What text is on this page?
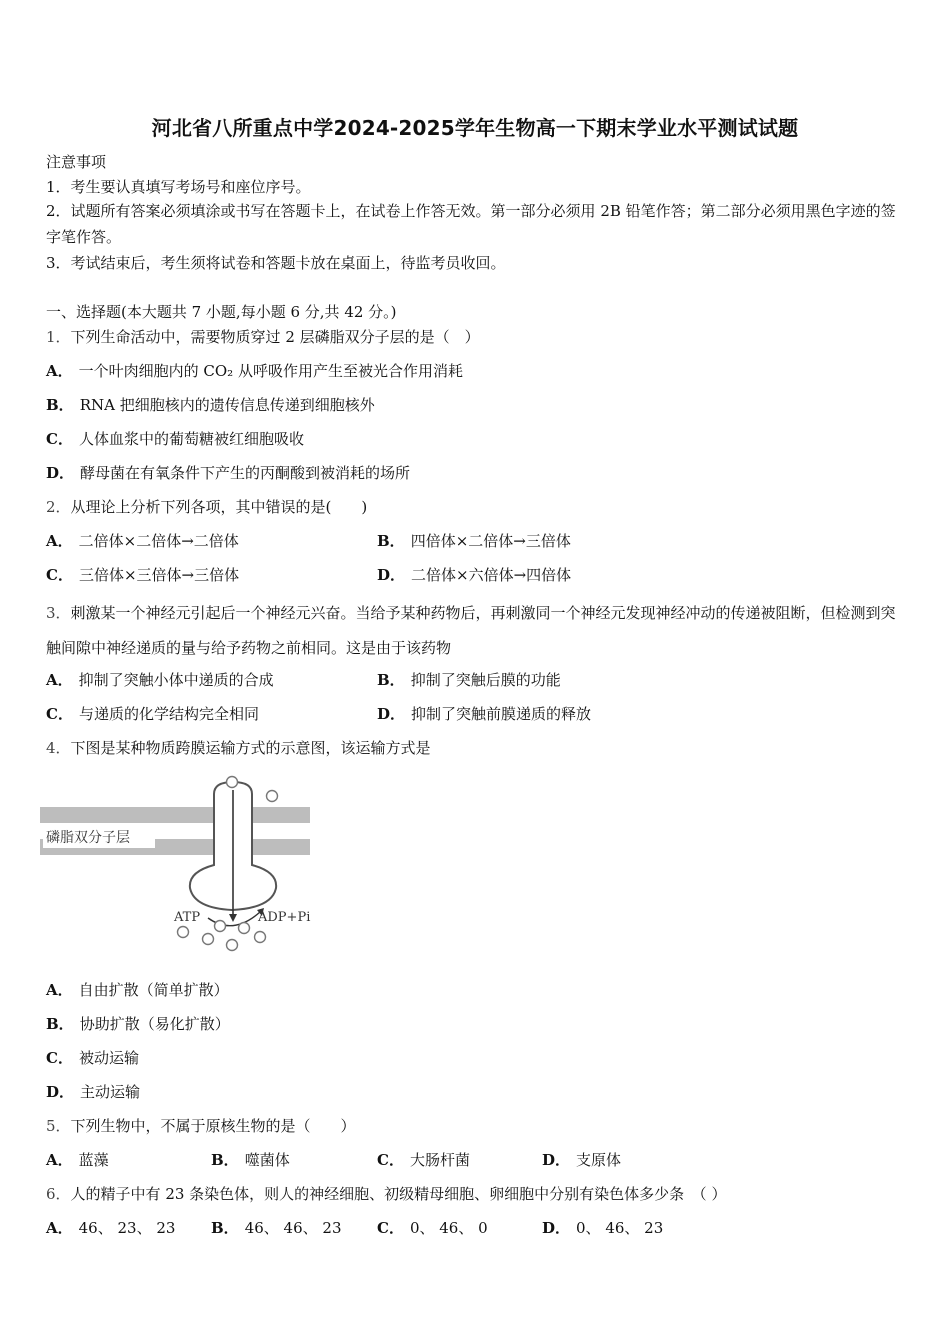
河北省八所重点中学2024-2025学年生物高一下期末学业水平测试试题
注意事项
1．考生要认真填写考场号和座位序号。
2．试题所有答案必须填涂或书写在答题卡上，在试卷上作答无效。第一部分必须用 2B 铅笔作答；第二部分必须用黑色字迹的签字笔作答。
3．考试结束后，考生须将试卷和答题卡放在桌面上，待监考员收回。
一、选择题(本大题共 7 小题,每小题 6 分,共 42 分。)
1．下列生命活动中，需要物质穿过 2 层磷脂双分子层的是（　）
A． 一个叶肉细胞内的 CO₂ 从呼吸作用产生至被光合作用消耗
B． RNA 把细胞核内的遗传信息传递到细胞核外
C． 人体血浆中的葡萄糖被红细胞吸收
D． 酵母菌在有氧条件下产生的丙酮酸到被消耗的场所
2．从理论上分析下列各项，其中错误的是(　　)
A． 二倍体×二倍体→二倍体	B． 四倍体×二倍体→三倍体
C． 三倍体×三倍体→三倍体	D． 二倍体×六倍体→四倍体
3．刺激某一个神经元引起后一个神经元兴奋。当给予某种药物后，再刺激同一个神经元发现神经冲动的传递被阻断，但检测到突触间隙中神经递质的量与给予药物之前相同。这是由于该药物
A． 抑制了突触小体中递质的合成	B． 抑制了突触后膜的功能
C． 与递质的化学结构完全相同	D． 抑制了突触前膜递质的释放
4．下图是某种物质跨膜运输方式的示意图，该运输方式是
磷脂双分子层
ATP	ADP+Pi
A． 自由扩散（简单扩散）
B． 协助扩散（易化扩散）
C． 被动运输
D． 主动运输
5．下列生物中，不属于原核生物的是（　　）
A． 蓝藻	B． 噬菌体	C． 大肠杆菌	D． 支原体
6．人的精子中有 23 条染色体，则人的神经细胞、初级精母细胞、卵细胞中分别有染色体多少条　（ ）
A． 46、 23、 23 B． 46、 46、 23 C． 0、 46、 0	D． 0、 46、 23
